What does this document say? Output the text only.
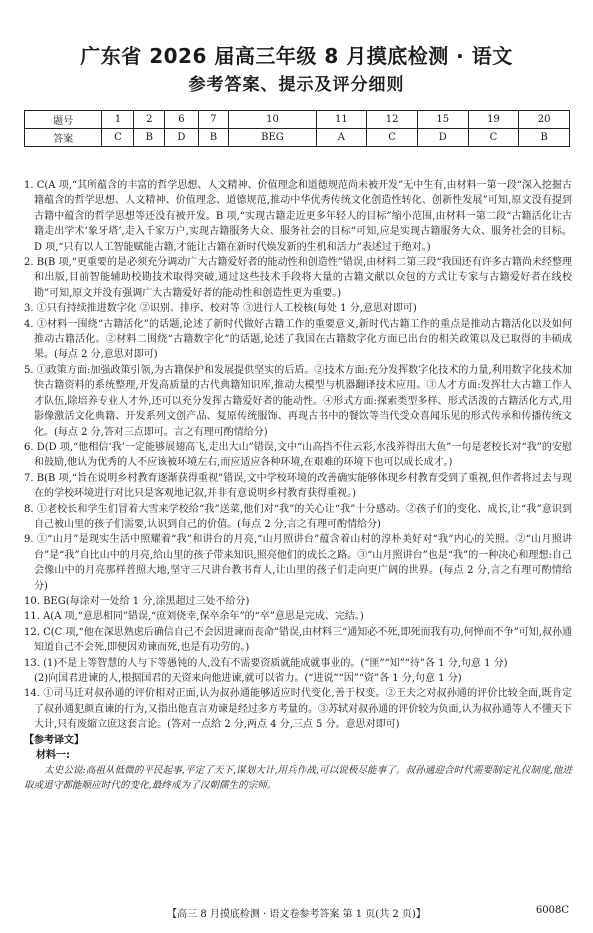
广东省 2026 届高三年级 8 月摸底检测 · 语文
参考答案、提示及评分细则
题号	1	2	6	7	10	11	12	15	19	20
答案	C	B	D	B	BEG	A	C	D	C	B

1. C(A 项,“其所蕴含的丰富的哲学思想、人文精神、价值理念和道德规范尚未被开发”无中生有,由材料一第一段“深入挖掘古籍蕴含的哲学思想、人文精神、价值理念、道德规范,推动中华优秀传统文化创造性转化、创新性发展”可知,原文没有提到古籍中蕴含的哲学思想等还没有被开发。B 项,“实现古籍走近更多年轻人的目标”缩小范围,由材料一第二段“古籍活化让古籍走出学术‘象牙塔’,走入千家万户,实现古籍服务大众、服务社会的目标”可知,应是实现古籍服务大众、服务社会的目标。D 项,“只有以人工智能赋能古籍,才能让古籍在新时代焕发新的生机和活力”表述过于绝对。)

2. B(B 项,“更重要的是必须充分调动广大古籍爱好者的能动性和创造性”错误,由材料二第三段“我国还有许多古籍尚未经整理和出版,目前智能辅助校勘技术取得突破,通过这些技术手段将大量的古籍文献以众包的方式让专家与古籍爱好者在线校勘”可知,原文并没有强调广大古籍爱好者的能动性和创造性更为重要。)

3. ①只有持续推进数字化 ②识别、排序、校对等 ③进行人工校核(每处 1 分,意思对即可)

4. ①材料一围绕“古籍活化”的话题,论述了新时代做好古籍工作的重要意义,新时代古籍工作的重点是推动古籍活化以及如何推动古籍活化。②材料二围绕“古籍数字化”的话题,论述了我国在古籍数字化方面已出台的相关政策以及已取得的丰硕成果。(每点 2 分,意思对即可)

5. ①政策方面:加强政策引领,为古籍保护和发展提供坚实的后盾。②技术方面:充分发挥数字化技术的力量,利用数字化技术加快古籍资料的系统整理,开发高质量的古代典籍知识库,推动大模型与机器翻译技术应用。③人才方面:发挥壮大古籍工作人才队伍,除培养专业人才外,还可以充分发挥古籍爱好者的能动性。④形式方面:探索类型多样、形式活泼的古籍活化方式,用影像激活文化典籍、开发系列文创产品、复原传统服饰、再现古书中的餐饮等当代受众喜闻乐见的形式传承和传播传统文化。(每点 2 分,答对三点即可。言之有理可酌情给分)

6. D(D 项,“他相信‘我’一定能够展翅高飞,走出大山”错误,文中“山高挡不住云彩,水浅养得出大鱼”一句是老校长对“我”的安慰和鼓励,他认为优秀的人不应该被环境左右,而应适应各种环境,在艰难的环境下也可以成长成才。)

7. B(B 项,“旨在说明乡村教育逐渐获得重视”错误,文中学校环境的改善确实能够体现乡村教育受到了重视,但作者将过去与现在的学校环境进行对比只是客观地记叙,并非有意说明乡村教育获得重视。)

8. ①老校长和学生们冒着大雪来学校给“我”送菜,他们对“我”的关心让“我”十分感动。②孩子们的变化、成长,让“我”意识到自己被山里的孩子们需要,认识到自己的价值。(每点 2 分,言之有理可酌情给分)

9. ①“山月”是现实生活中照耀着“我”和讲台的月亮,“山月照讲台”蕴含着山村的淳朴美好对“我”内心的关照。②“山月照讲台”是“我”自比山中的月亮,给山里的孩子带来知识,照亮他们的成长之路。③“山月照讲台”也是“我”的一种决心和理想:自己会像山中的月亮那样普照大地,坚守三尺讲台教书育人,让山里的孩子们走向更广阔的世界。(每点 2 分,言之有理可酌情给分)

10. BEG(每涂对一处给 1 分,涂黑超过三处不给分)

11. A(A 项,“意思相同”错误,“庶刘侥幸,保卒余年”的“卒”意思是完成、完结。)

12. C(C 项,“他在深思熟虑后确信自己不会因进谏而丧命”错误,由材料三“通知必不死,即死而我有功,何惮而不争”可知,叔孙通知道自己不会死,即便因劝谏而死,也是有功劳的。)

13. (1)不是上等智慧的人与下等愚钝的人,没有不需要资质就能成就事业的。(“匪”“知”“待”各 1 分,句意 1 分)

(2)向国君进谏的人,根据国君的天资来向他进谏,就可以省力。(“进说”“因”“资”各 1 分,句意 1 分)

14. ①司马迁对叔孙通的评价相对正面,认为叔孙通能够适应时代变化,善于权变。②王夫之对叔孙通的评价比较全面,既肯定了叔孙通犯颜直谏的行为,又指出他直言劝谏是经过多方考量的。③苏轼对叔孙通的评价较为负面,认为叔孙通等人不懂天下大计,只有废縮立庶这套言论。(答对一点给 2 分,两点 4 分,三点 5 分。意思对即可)

【参考译文】

材料一:

太史公说:高祖从低微的平民起事,平定了天下,谋划大计,用兵作战,可以说极尽能事了。叔孙通迎合时代需要制定礼仪制度,他进取或退守都能顺应时代的变化,最终成为了汉朝儒生的宗师。

【高三 8 月摸底检测 · 语文卷参考答案 第 1 页(共 2 页)】	6008C
